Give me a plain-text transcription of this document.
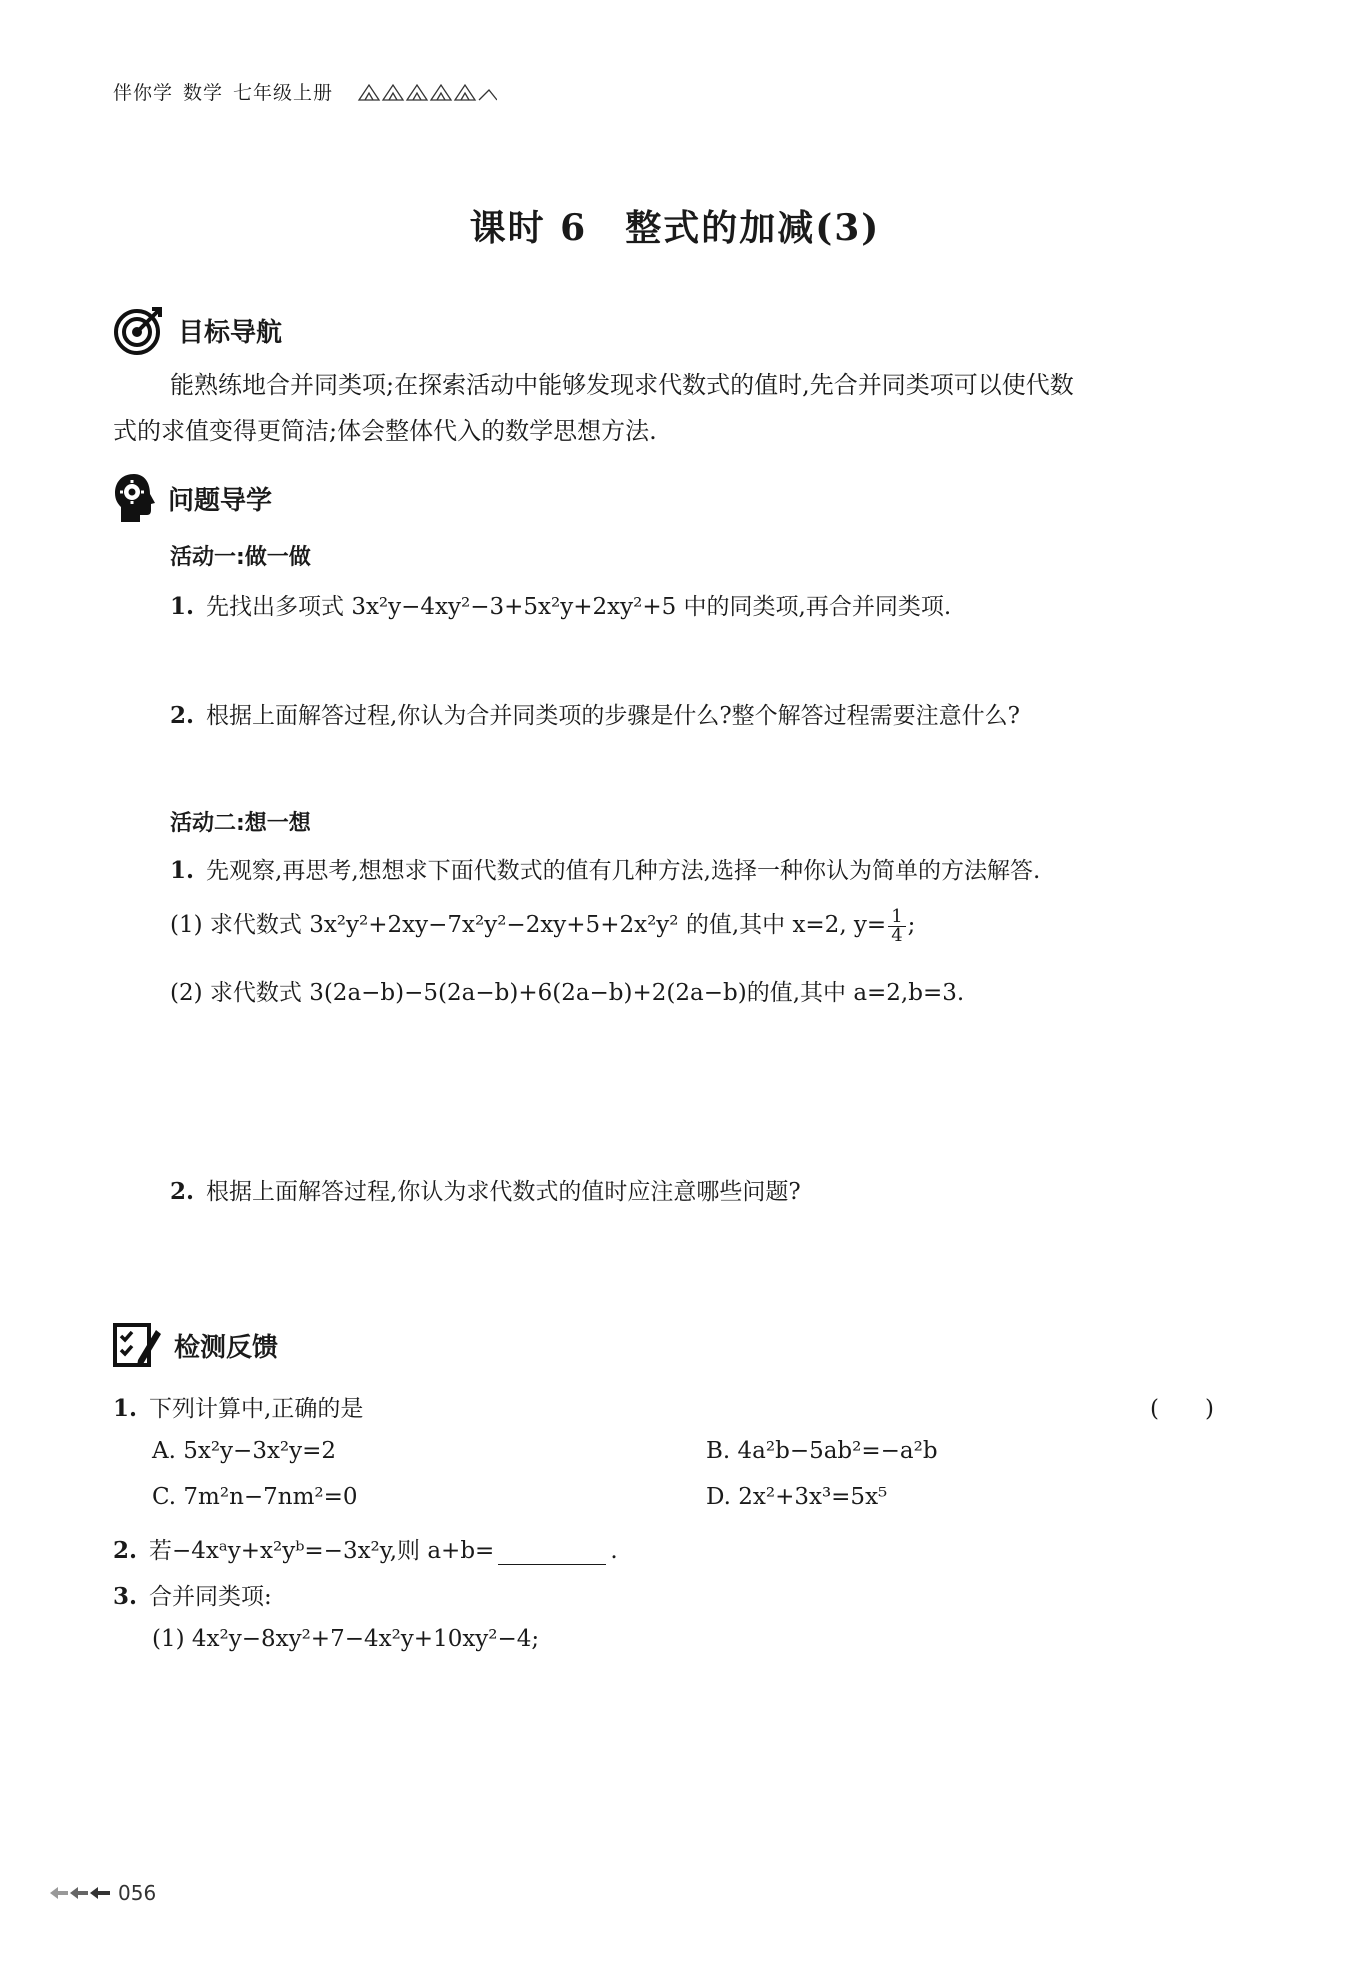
伴你学 数学 七年级上册
课时 6　整式的加减(3)
目标导航
能熟练地合并同类项;在探索活动中能够发现求代数式的值时,先合并同类项可以使代数
式的求值变得更简洁;体会整体代入的数学思想方法.
问题导学
活动一:做一做
1. 先找出多项式 3x²y−4xy²−3+5x²y+2xy²+5 中的同类项,再合并同类项.
2. 根据上面解答过程,你认为合并同类项的步骤是什么?整个解答过程需要注意什么?
活动二:想一想
1. 先观察,再思考,想想求下面代数式的值有几种方法,选择一种你认为简单的方法解答.
(1) 求代数式 3x²y²+2xy−7x²y²−2xy+5+2x²y² 的值,其中 x=2, $y= \frac{1}{4}$ ;
(2) 求代数式 3(2a−b)−5(2a−b)+6(2a−b)+2(2a−b)的值,其中 a=2,b=3.
2. 根据上面解答过程,你认为求代数式的值时应注意哪些问题?
检测反馈
1. 下列计算中,正确的是	(　　)
A. 5x²y−3x²y=2	B. 4a²b−5ab²=−a²b
C. 7m²n−7nm²=0	D. 2x²+3x³=5x⁵
2. 若−4xᵃy+x²yᵇ=−3x²y,则 a+b=	.
3. 合并同类项:
(1) 4x²y−8xy²+7−4x²y+10xy²−4;
056
